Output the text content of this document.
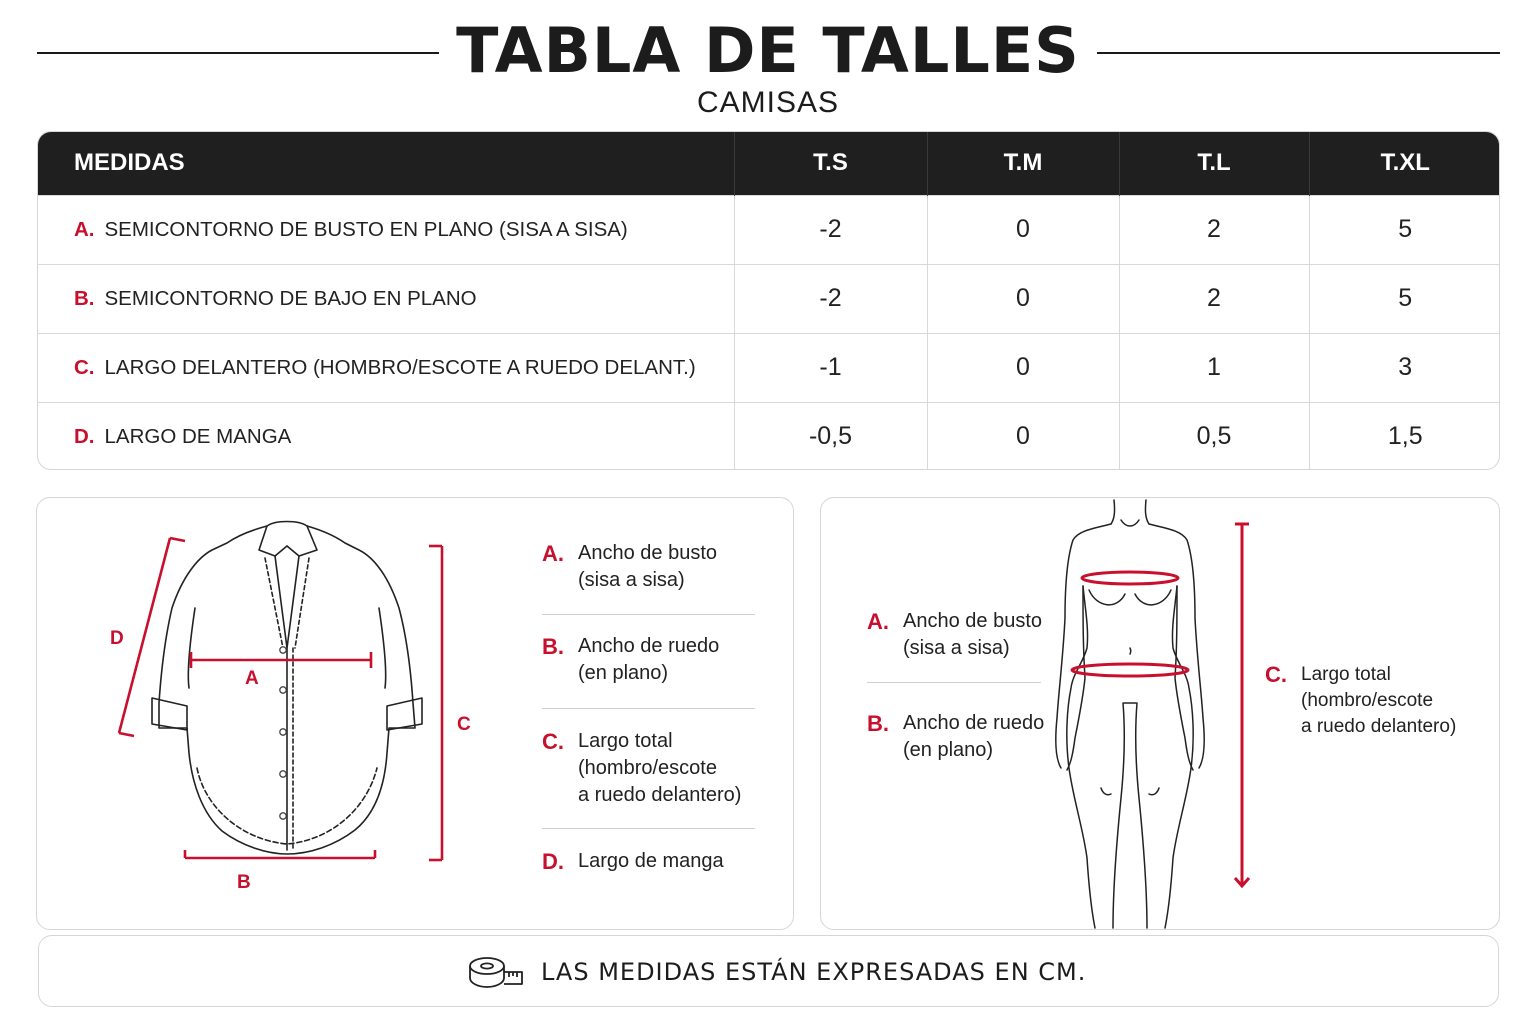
TABLA DE TALLES
CAMISAS
MEDIDAS	T.S	T.M	T.L	T.XL
A. SEMICONTORNO DE BUSTO EN PLANO (SISA A SISA)	-2	0	2	5
B. SEMICONTORNO DE BAJO EN PLANO	-2	0	2	5
C. LARGO DELANTERO (HOMBRO/ESCOTE A RUEDO DELANT.)	-1	0	1	3
D. LARGO DE MANGA	-0,5	0	0,5	1,5
A
B
C
D
A. Ancho de busto
(sisa a sisa)
B. Ancho de ruedo
(en plano)
C. Largo total
(hombro/escote
a ruedo delantero)
D. Largo de manga
A. Ancho de busto
(sisa a sisa)
B. Ancho de ruedo
(en plano)
C. Largo total
(hombro/escote
a ruedo delantero)
LAS MEDIDAS ESTÁN EXPRESADAS EN CM.
